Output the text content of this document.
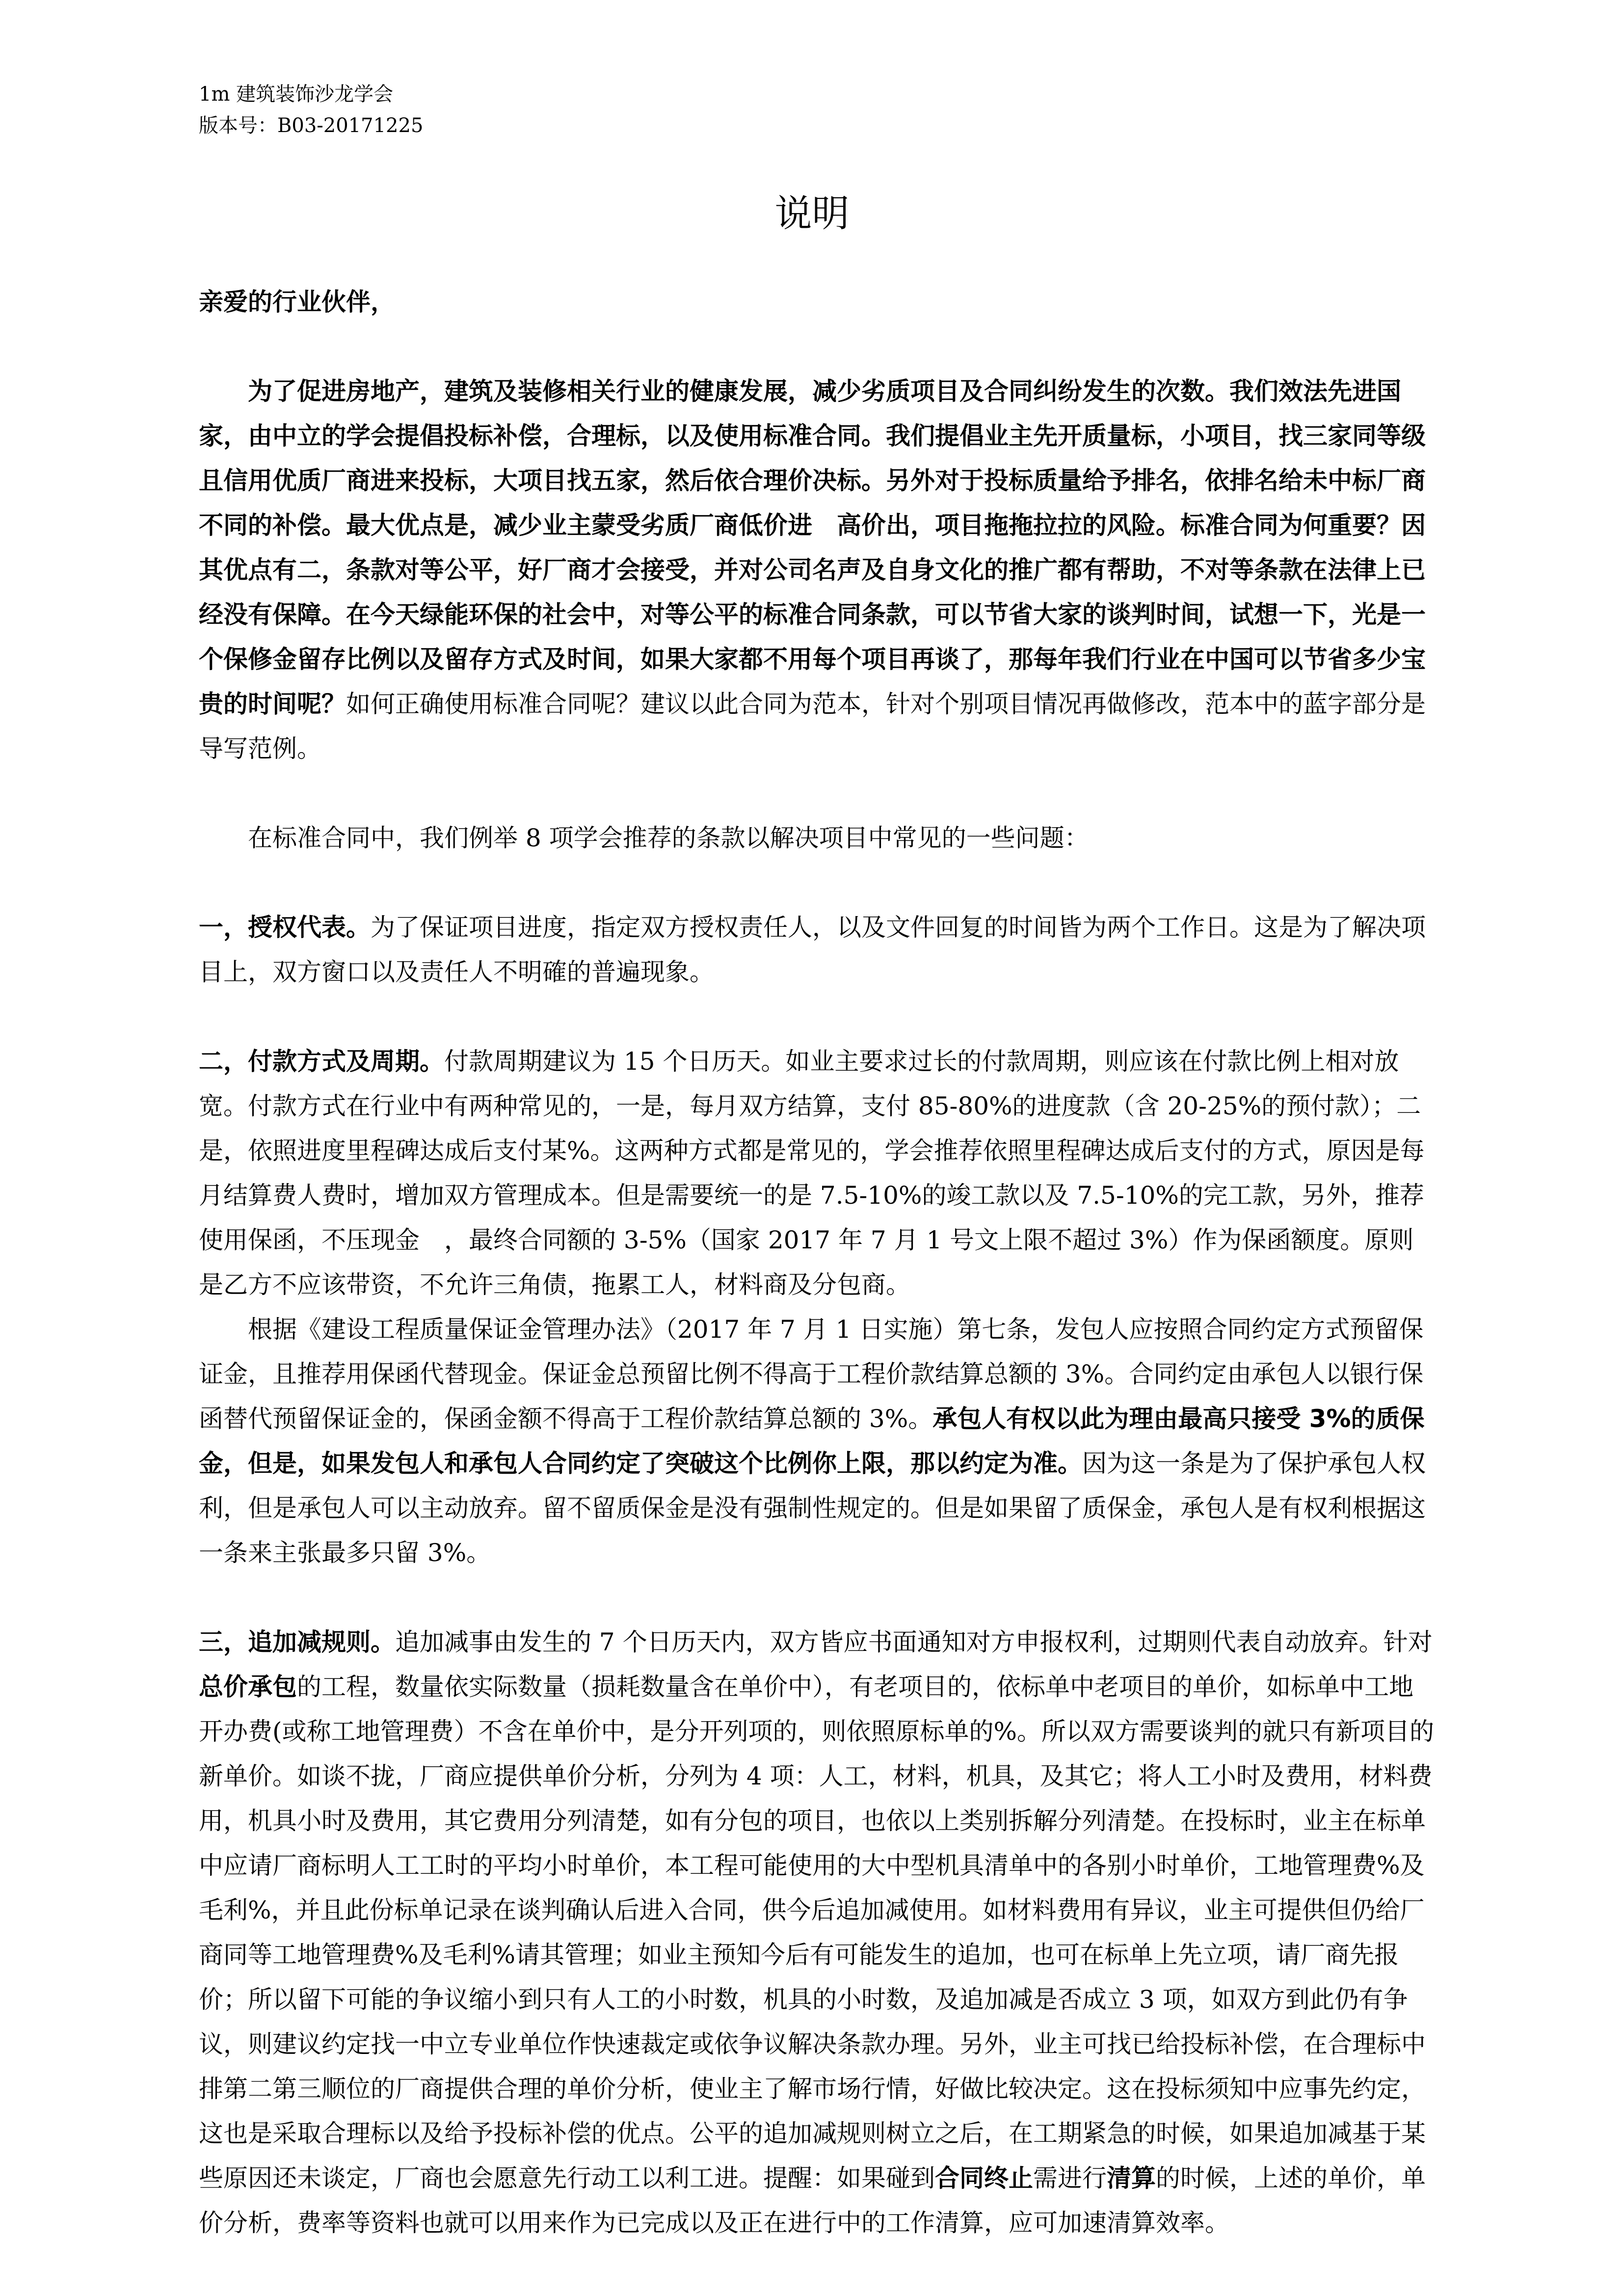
1m 建筑装饰沙龙学会
版本号：B03-20171225
说明

亲爱的行业伙伴，

为了促进房地产，建筑及装修相关行业的健康发展，减少劣质项目及合同纠纷发生的次数。我们效法先进国家，由中立的学会提倡投标补偿，合理标，以及使用标准合同。我们提倡业主先开质量标，小项目，找三家同等级且信用优质厂商进来投标，大项目找五家，然后依合理价决标。另外对于投标质量给予排名，依排名给未中标厂商不同的补偿。最大优点是，减少业主蒙受劣质厂商低价进　高价出，项目拖拖拉拉的风险。标准合同为何重要？因其优点有二，条款对等公平，好厂商才会接受，并对公司名声及自身文化的推广都有帮助，不对等条款在法律上已经没有保障。在今天绿能环保的社会中，对等公平的标准合同条款，可以节省大家的谈判时间，试想一下，光是一个保修金留存比例以及留存方式及时间，如果大家都不用每个项目再谈了，那每年我们行业在中国可以节省多少宝贵的时间呢？如何正确使用标准合同呢？建议以此合同为范本，针对个别项目情况再做修改，范本中的蓝字部分是导写范例。

在标准合同中，我们例举 8 项学会推荐的条款以解决项目中常见的一些问题：

一，授权代表。为了保证项目进度，指定双方授权责任人，以及文件回复的时间皆为两个工作日。这是为了解决项目上，双方窗口以及责任人不明確的普遍现象。

二，付款方式及周期。付款周期建议为 15 个日历天。如业主要求过长的付款周期，则应该在付款比例上相对放宽。付款方式在行业中有两种常见的，一是，每月双方结算，支付 85-80%的进度款（含 20-25%的预付款）；二是，依照进度里程碑达成后支付某%。这两种方式都是常见的，学会推荐依照里程碑达成后支付的方式，原因是每月结算费人费时，增加双方管理成本。但是需要统一的是 7.5-10%的竣工款以及 7.5-10%的完工款，另外，推荐使用保函，不压现金　，最终合同额的 3-5%（国家 2017 年 7 月 1 号文上限不超过 3%）作为保函额度。原则是乙方不应该带资，不允许三角债，拖累工人，材料商及分包商。

根据《建设工程质量保证金管理办法》（2017 年 7 月 1 日实施）第七条，发包人应按照合同约定方式预留保证金，且推荐用保函代替现金。保证金总预留比例不得高于工程价款结算总额的 3%。合同约定由承包人以银行保函替代预留保证金的，保函金额不得高于工程价款结算总额的 3%。承包人有权以此为理由最高只接受 3%的质保金，但是，如果发包人和承包人合同约定了突破这个比例你上限，那以约定为准。因为这一条是为了保护承包人权利，但是承包人可以主动放弃。留不留质保金是没有强制性规定的。但是如果留了质保金，承包人是有权利根据这一条来主张最多只留 3%。

三，追加减规则。追加减事由发生的 7 个日历天内，双方皆应书面通知对方申报权利，过期则代表自动放弃。针对总价承包的工程，数量依实际数量（损耗数量含在单价中），有老项目的，依标单中老项目的单价，如标单中工地开办费(或称工地管理费）不含在单价中，是分开列项的，则依照原标单的%。所以双方需要谈判的就只有新项目的新单价。如谈不拢，厂商应提供单价分析，分列为 4 项：人工，材料，机具，及其它；将人工小时及费用，材料费用，机具小时及费用，其它费用分列清楚，如有分包的项目，也依以上类别拆解分列清楚。在投标时，业主在标单中应请厂商标明人工工时的平均小时单价，本工程可能使用的大中型机具清单中的各别小时单价，工地管理费%及毛利%，并且此份标单记录在谈判确认后进入合同，供今后追加减使用。如材料费用有异议，业主可提供但仍给厂商同等工地管理费%及毛利%请其管理；如业主预知今后有可能发生的追加，也可在标单上先立项，请厂商先报价；所以留下可能的争议缩小到只有人工的小时数，机具的小时数，及追加减是否成立 3 项，如双方到此仍有争议，则建议约定找一中立专业单位作快速裁定或依争议解决条款办理。另外，业主可找已给投标补偿，在合理标中排第二第三顺位的厂商提供合理的单价分析，使业主了解市场行情，好做比较决定。这在投标须知中应事先约定，这也是采取合理标以及给予投标补偿的优点。公平的追加减规则树立之后，在工期紧急的时候，如果追加减基于某些原因还未谈定，厂商也会愿意先行动工以利工进。提醒：如果碰到合同终止需进行清算的时候，上述的单价，单价分析，费率等资料也就可以用来作为已完成以及正在进行中的工作清算，应可加速清算效率。
